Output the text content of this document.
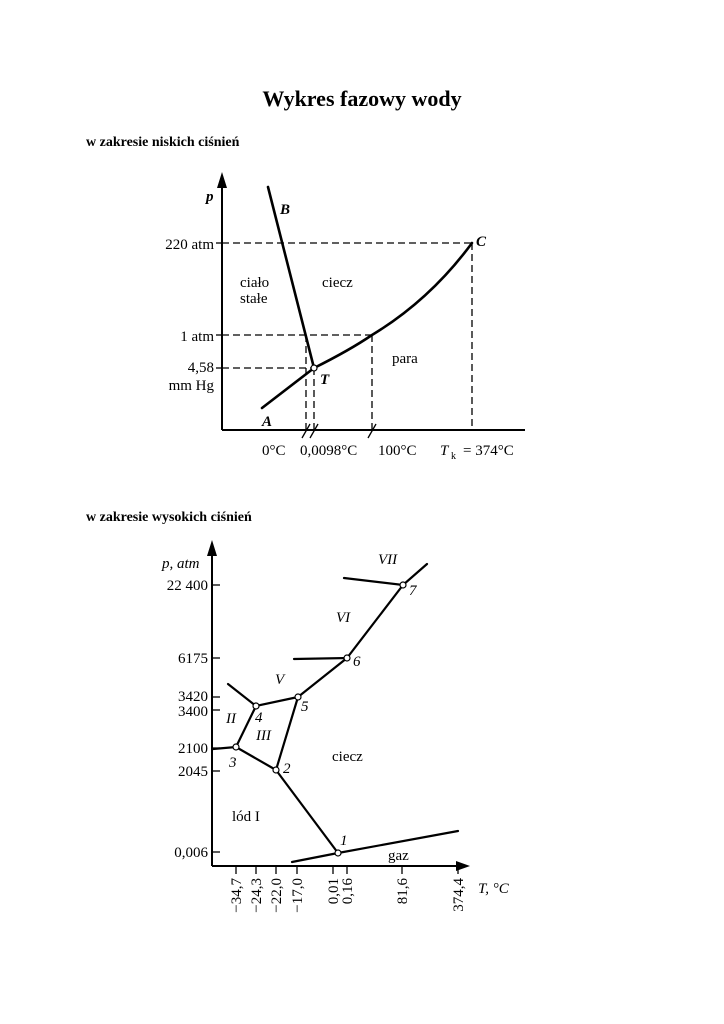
Wykres fazowy wody

w zakresie niskich ciśnień

w zakresie wysokich ciśnień

p
220 atm
1 atm
4,58
mm Hg
0°C 0,0098°C 100°C T k = 374°C
B
C
T
A
ciało
stałe
ciecz
para
p, atm
22 400
6175
3420
3400
2100
2045
0,006
−34,7 −24,3 −22,0 −17,0 0,01
0,16	81,6	374,4 T, °C
1
2
3
4
5
6
7
VII
VI
V
II
III
lód I
ciecz
gaz
